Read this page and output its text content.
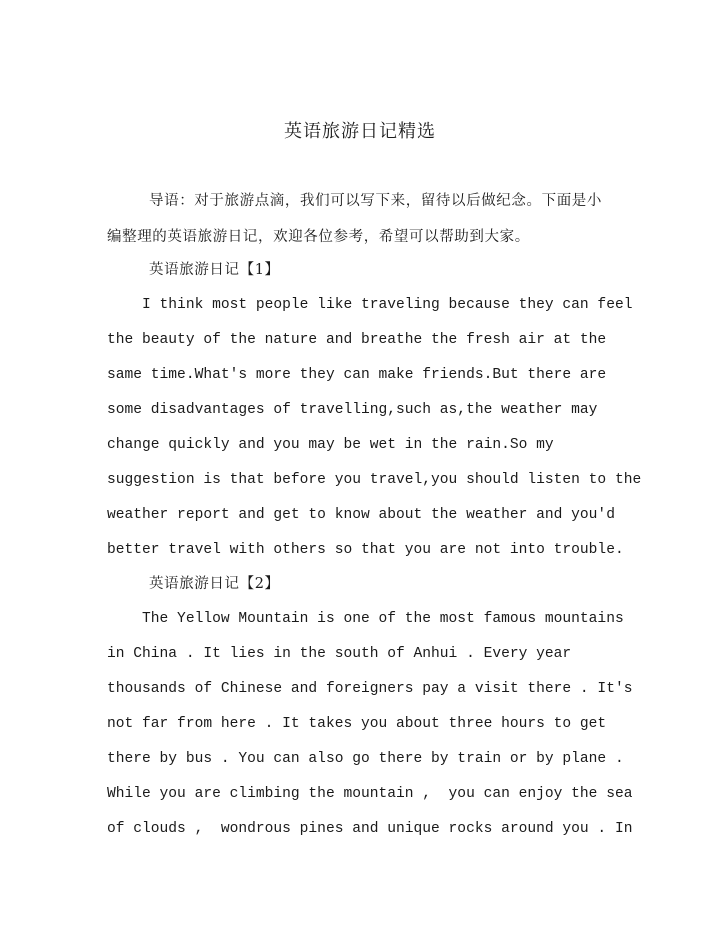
英语旅游日记精选
导语：对于旅游点滴，我们可以写下来，留待以后做纪念。下面是小编整理的英语旅游日记，欢迎各位参考，希望可以帮助到大家。
英语旅游日记【1】
I think most people like traveling because they can feel
the beauty of the nature and breathe the fresh air at the
same time.What's more they can make friends.But there are
some disadvantages of travelling,such as,the weather may
change quickly and you may be wet in the rain.So my
suggestion is that before you travel,you should listen to the
weather report and get to know about the weather and you'd
better travel with others so that you are not into trouble.
英语旅游日记【2】
The Yellow Mountain is one of the most famous mountains
in China . It lies in the south of Anhui . Every year
thousands of Chinese and foreigners pay a visit there . It's
not far from here . It takes you about three hours to get
there by bus . You can also go there by train or by plane .
While you are climbing the mountain ,  you can enjoy the sea
of clouds ,  wondrous pines and unique rocks around you . In
